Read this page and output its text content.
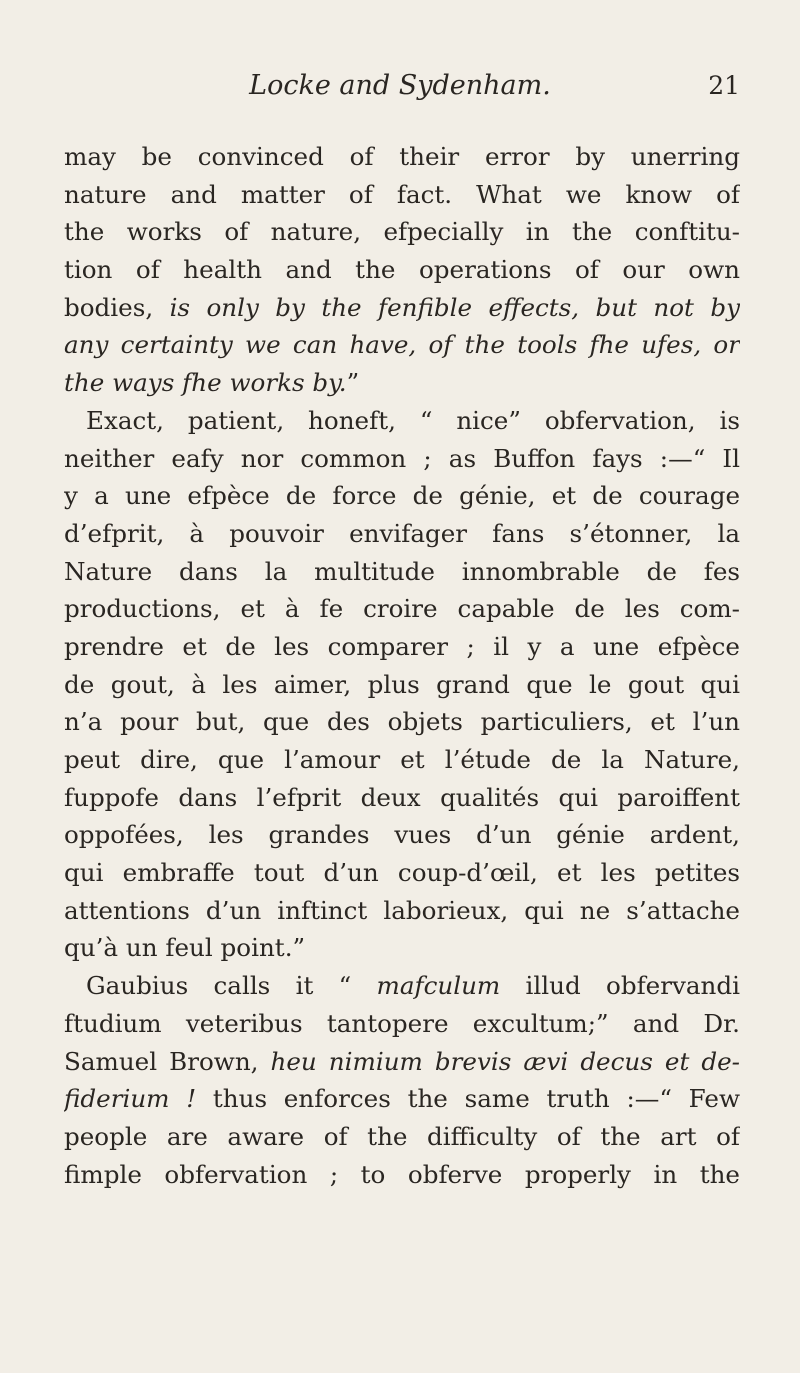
Locke and Sydenham.	21
may be convinced of their error by unerring
nature and matter of fact. What we know of
the works of nature, efpecially in the conftitu-
tion of health and the operations of our own
bodies, is only by the fenfible effects, but not by
any certainty we can have, of the tools fhe ufes, or
the ways fhe works by.”
Exact, patient, honeft, “ nice” obfervation, is
neither eafy nor common ; as Buffon fays :—“ Il
y a une efpèce de force de génie, et de courage
d’efprit, à pouvoir envifager fans s’étonner, la
Nature dans la multitude innombrable de fes
productions, et à fe croire capable de les com-
prendre et de les comparer ; il y a une efpèce
de gout, à les aimer, plus grand que le gout qui
n’a pour but, que des objets particuliers, et l’un
peut dire, que l’amour et l’étude de la Nature,
fuppofe dans l’efprit deux qualités qui paroiffent
oppofées, les grandes vues d’un génie ardent,
qui embraffe tout d’un coup-d’œil, et les petites
attentions d’un inftinct laborieux, qui ne s’attache
qu’à un feul point.”
Gaubius calls it “ mafculum illud obfervandi
ftudium veteribus tantopere excultum;” and Dr.
Samuel Brown, heu nimium brevis ævi decus et de-
fiderium ! thus enforces the same truth :—“ Few
people are aware of the difficulty of the art of
fimple obfervation ; to obferve properly in the
